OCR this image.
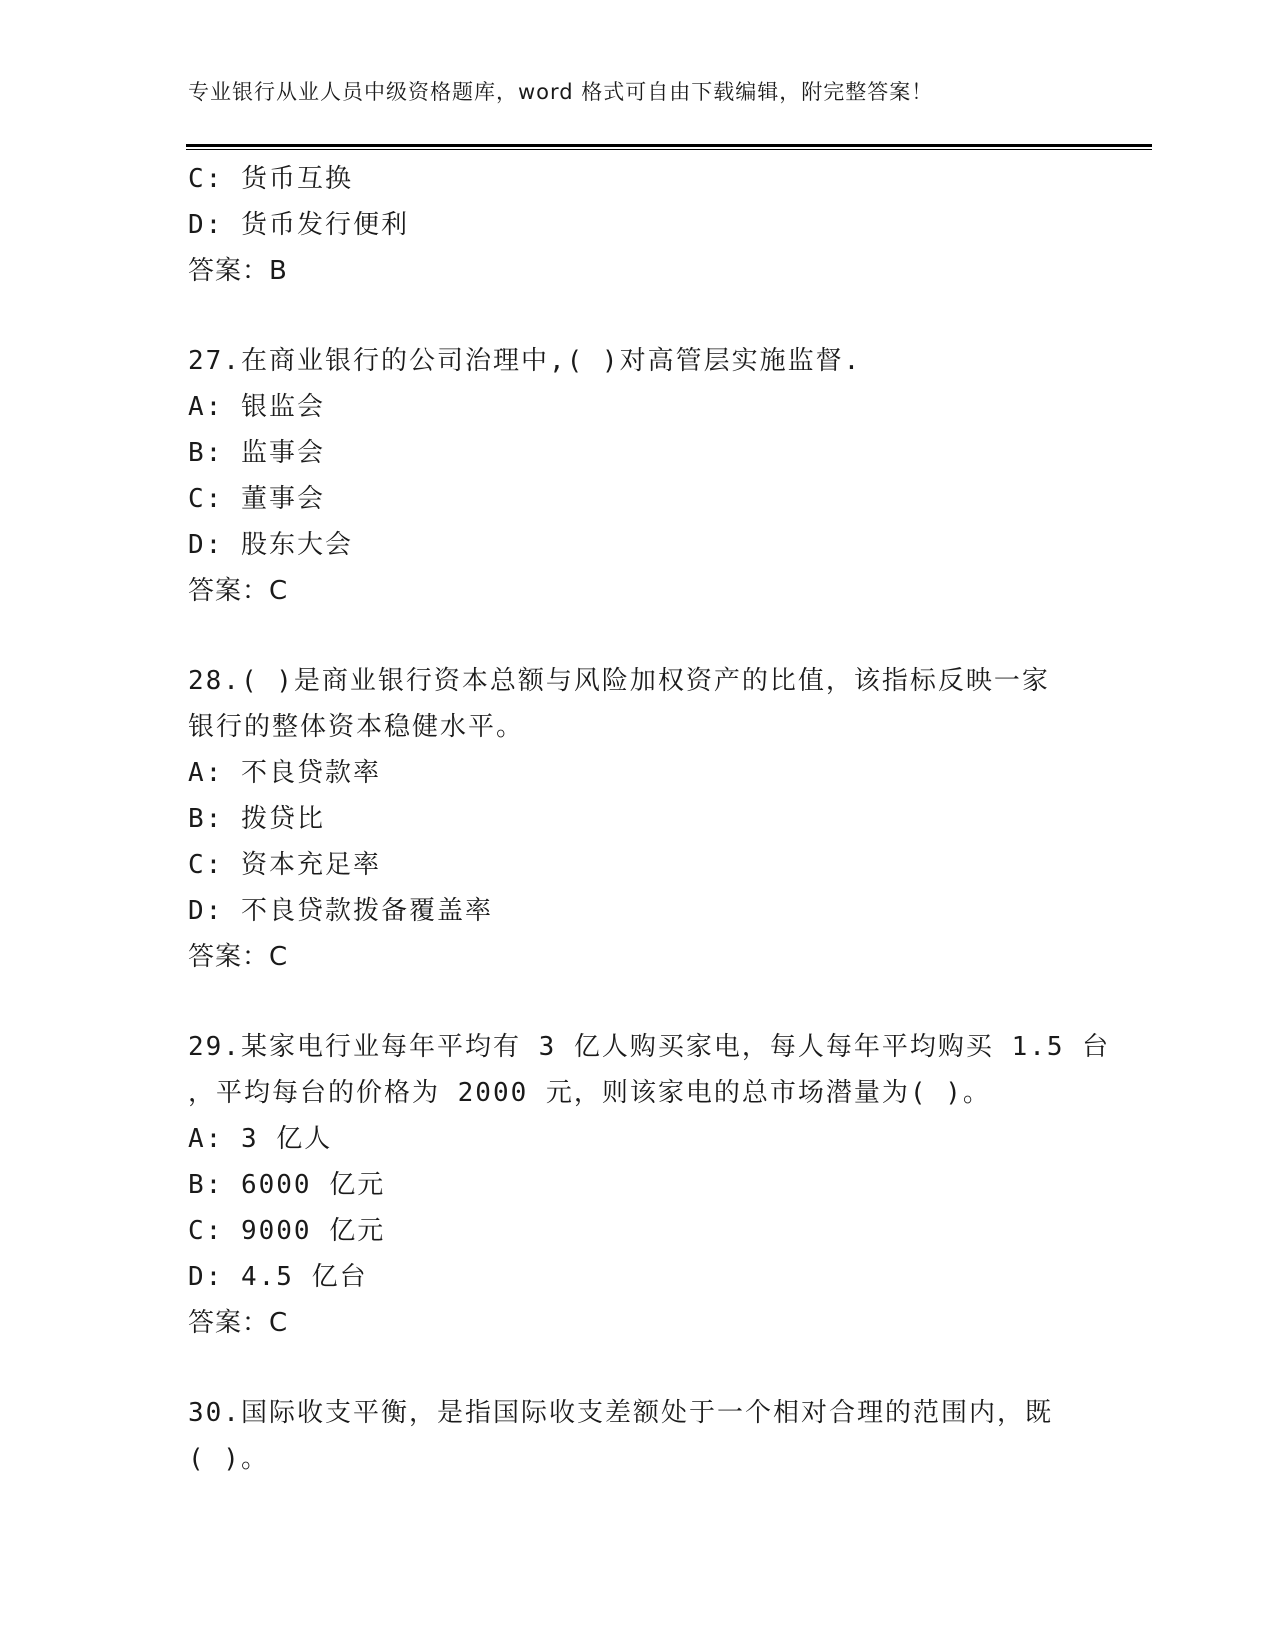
专业银行从业人员中级资格题库，word 格式可自由下载编辑，附完整答案！
C: 货币互换
D: 货币发行便利
答案：B
27.在商业银行的公司治理中,( )对高管层实施监督.
A: 银监会
B: 监事会
C: 董事会
D: 股东大会
答案：C
28.( )是商业银行资本总额与风险加权资产的比值，该指标反映一家
银行的整体资本稳健水平。
A: 不良贷款率
B: 拨贷比
C: 资本充足率
D: 不良贷款拨备覆盖率
答案：C
29.某家电行业每年平均有 3 亿人购买家电，每人每年平均购买 1.5 台
，平均每台的价格为 2000 元，则该家电的总市场潜量为( )。
A: 3 亿人
B: 6000 亿元
C: 9000 亿元
D: 4.5 亿台
答案：C
30.国际收支平衡，是指国际收支差额处于一个相对合理的范围内，既
( )。
